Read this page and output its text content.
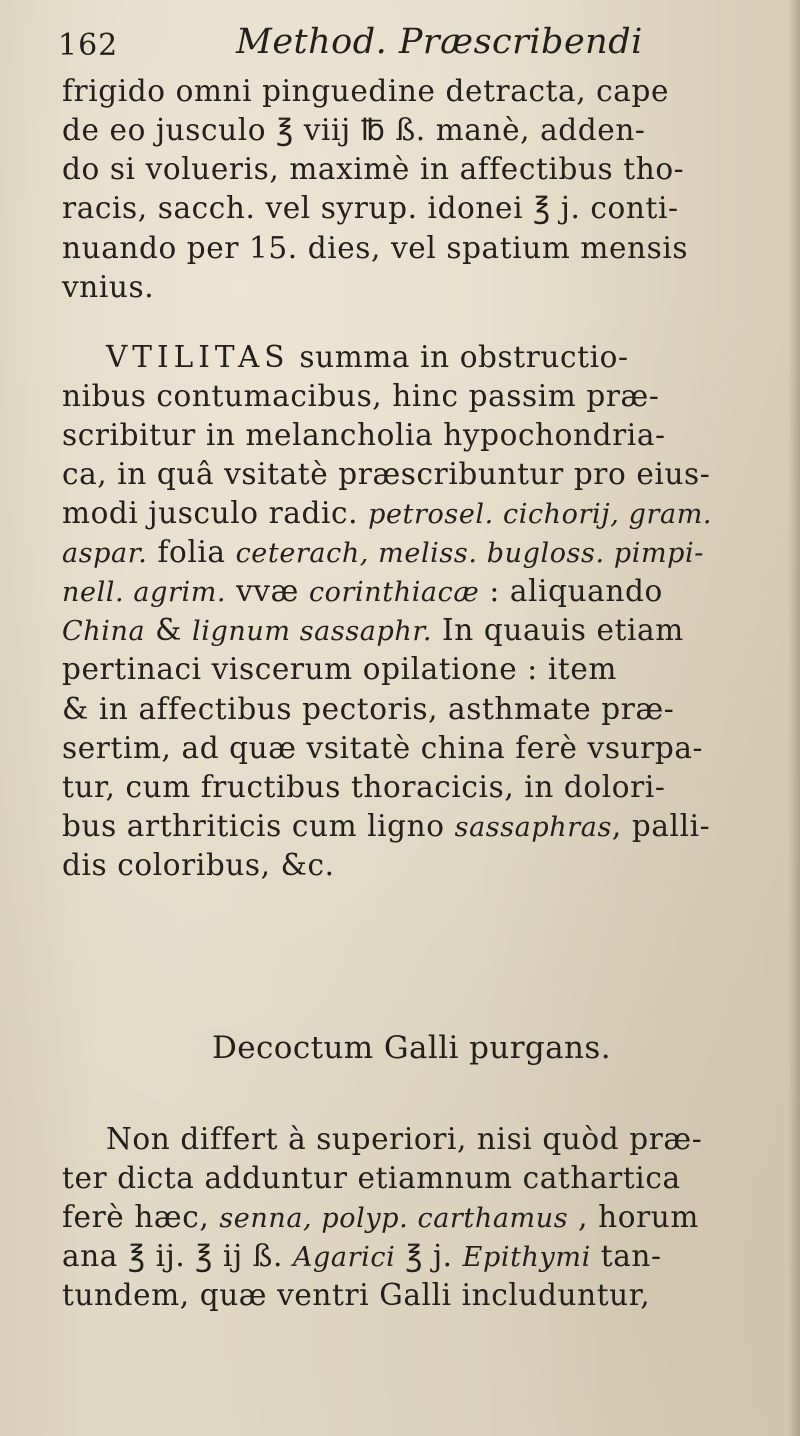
162	Method. Præscribendi
frigido omni pinguedine detracta, cape
de eo jusculo ℥ viij ℔ ß. manè, adden-
do si volueris, maximè in affectibus tho-
racis, sacch. vel syrup. idonei ℥ j. conti-
nuando per 15. dies, vel spatium mensis
vnius.
VTILITAS summa in obstructio-
nibus contumacibus, hinc passim præ-
scribitur in melancholia hypochondria-
ca, in quâ vsitatè præscribuntur pro eius-
modi jusculo radic. petrosel. cichorij, gram.
aspar. folia ceterach, meliss. bugloss. pimpi-
nell. agrim. vvæ corinthiacæ : aliquando
China & lignum sassaphr. In quauis etiam
pertinaci viscerum opilatione : item
& in affectibus pectoris, asthmate præ-
sertim, ad quæ vsitatè china ferè vsurpa-
tur, cum fructibus thoracicis, in dolori-
bus arthriticis cum ligno sassaphras, palli-
dis coloribus, &c.
Decoctum Galli purgans.
Non differt à superiori, nisi quòd præ-
ter dicta adduntur etiamnum cathartica
ferè hæc, senna, polyp. carthamus , horum
ana ℥ ij. ℥ ij ß. Agarici ℥ j. Epithymi tan-
tundem, quæ ventri Galli includuntur,
